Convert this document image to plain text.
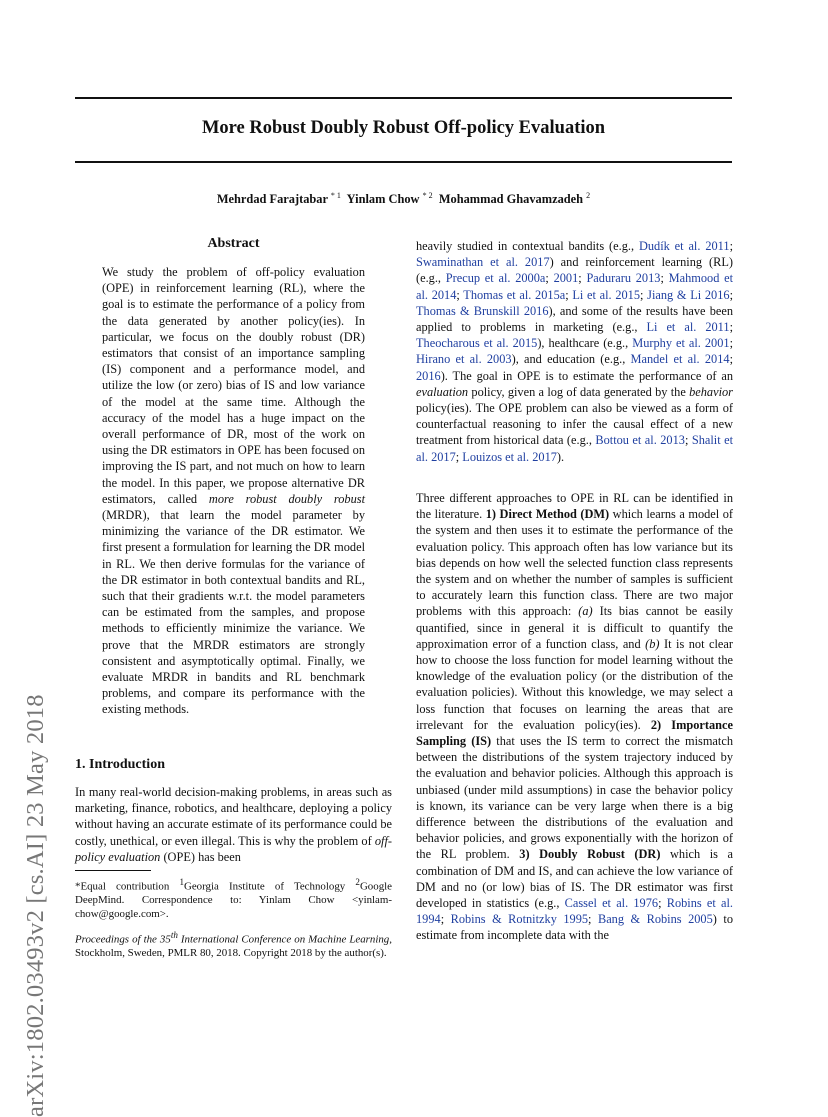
More Robust Doubly Robust Off-policy Evaluation
Mehrdad Farajtabar $^{* 1}$ Yinlam Chow $^{* 2}$ Mohammad Ghavamzadeh $^2$
arXiv:1802.03493v2 [cs.AI] 23 May 2018
Abstract
We study the problem of off-policy evaluation (OPE) in reinforcement learning (RL), where the goal is to estimate the performance of a policy from the data generated by another policy(ies). In particular, we focus on the doubly robust (DR) estimators that consist of an importance sampling (IS) component and a performance model, and utilize the low (or zero) bias of IS and low variance of the model at the same time. Although the accuracy of the model has a huge impact on the overall performance of DR, most of the work on using the DR estimators in OPE has been focused on improving the IS part, and not much on how to learn the model. In this paper, we propose alternative DR estimators, called more robust doubly robust (MRDR), that learn the model parameter by minimizing the variance of the DR estimator. We first present a formulation for learning the DR model in RL. We then derive formulas for the variance of the DR estimator in both contextual bandits and RL, such that their gradients w.r.t. the model parameters can be estimated from the samples, and propose methods to efficiently minimize the variance. We prove that the MRDR estimators are strongly consistent and asymptotically optimal. Finally, we evaluate MRDR in bandits and RL benchmark problems, and compare its performance with the existing methods.
1. Introduction
In many real-world decision-making problems, in areas such as marketing, finance, robotics, and healthcare, deploying a policy without having an accurate estimate of its performance could be costly, unethical, or even illegal. This is why the problem of off-policy evaluation (OPE) has been
*Equal contribution $^1$Georgia Institute of Technology $^2$Google DeepMind. Correspondence to: Yinlam Chow <yinlam-chow@google.com>.
Proceedings of the 35th International Conference on Machine Learning, Stockholm, Sweden, PMLR 80, 2018. Copyright 2018 by the author(s).
heavily studied in contextual bandits (e.g., Dudík et al. 2011; Swaminathan et al. 2017) and reinforcement learning (RL) (e.g., Precup et al. 2000a; 2001; Paduraru 2013; Mahmood et al. 2014; Thomas et al. 2015a; Li et al. 2015; Jiang & Li 2016; Thomas & Brunskill 2016), and some of the results have been applied to problems in marketing (e.g., Li et al. 2011; Theocharous et al. 2015), healthcare (e.g., Murphy et al. 2001; Hirano et al. 2003), and education (e.g., Mandel et al. 2014; 2016). The goal in OPE is to estimate the performance of an evaluation policy, given a log of data generated by the behavior policy(ies). The OPE problem can also be viewed as a form of counterfactual reasoning to infer the causal effect of a new treatment from historical data (e.g., Bottou et al. 2013; Shalit et al. 2017; Louizos et al. 2017).
Three different approaches to OPE in RL can be identified in the literature. 1) Direct Method (DM) which learns a model of the system and then uses it to estimate the performance of the evaluation policy. This approach often has low variance but its bias depends on how well the selected function class represents the system and on whether the number of samples is sufficient to accurately learn this function class. There are two major problems with this approach: (a) Its bias cannot be easily quantified, since in general it is difficult to quantify the approximation error of a function class, and (b) It is not clear how to choose the loss function for model learning without the knowledge of the evaluation policy (or the distribution of the evaluation policies). Without this knowledge, we may select a loss function that focuses on learning the areas that are irrelevant for the evaluation policy(ies). 2) Importance Sampling (IS) that uses the IS term to correct the mismatch between the distributions of the system trajectory induced by the evaluation and behavior policies. Although this approach is unbiased (under mild assumptions) in case the behavior policy is known, its variance can be very large when there is a big difference between the distributions of the evaluation and behavior policies, and grows exponentially with the horizon of the RL problem. 3) Doubly Robust (DR) which is a combination of DM and IS, and can achieve the low variance of DM and no (or low) bias of IS. The DR estimator was first developed in statistics (e.g., Cassel et al. 1976; Robins et al. 1994; Robins & Rotnitzky 1995; Bang & Robins 2005) to estimate from incomplete data with the
